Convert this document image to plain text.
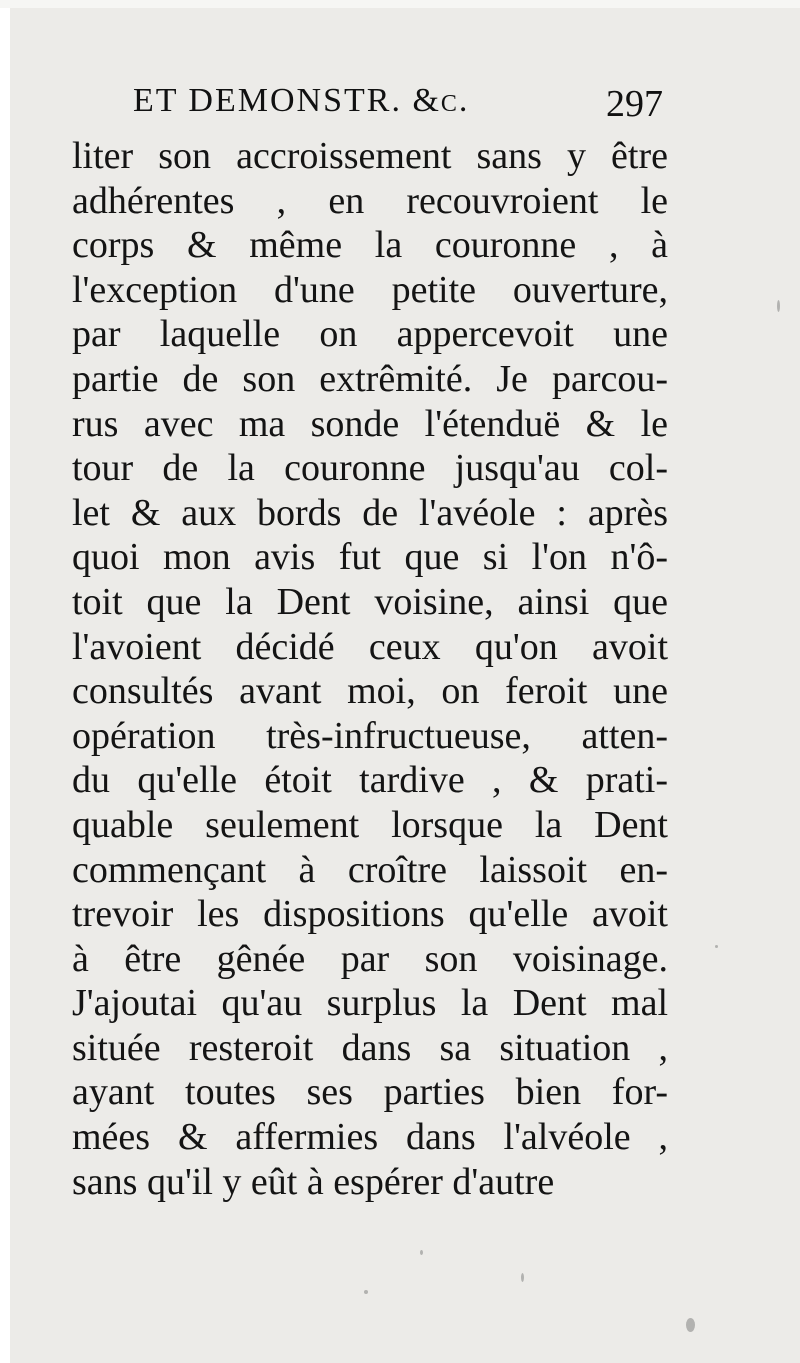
ET DEMONSTR. &c.	297
liter son accroissement sans y être
adhérentes , en recouvroient le
corps & même la couronne , à
l'exception d'une petite ouverture,
par laquelle on appercevoit une
partie de son extrêmité. Je parcou-
rus avec ma sonde l'étenduë & le
tour de la couronne jusqu'au col-
let & aux bords de l'avéole : après
quoi mon avis fut que si l'on n'ô-
toit que la Dent voisine, ainsi que
l'avoient décidé ceux qu'on avoit
consultés avant moi, on feroit une
opération très-infructueuse, atten-
du qu'elle étoit tardive , & prati-
quable seulement lorsque la Dent
commençant à croître laissoit en-
trevoir les dispositions qu'elle avoit
à être gênée par son voisinage.
J'ajoutai qu'au surplus la Dent mal
située resteroit dans sa situation ,
ayant toutes ses parties bien for-
mées & affermies dans l'alvéole ,
sans qu'il y eût à espérer d'autre
